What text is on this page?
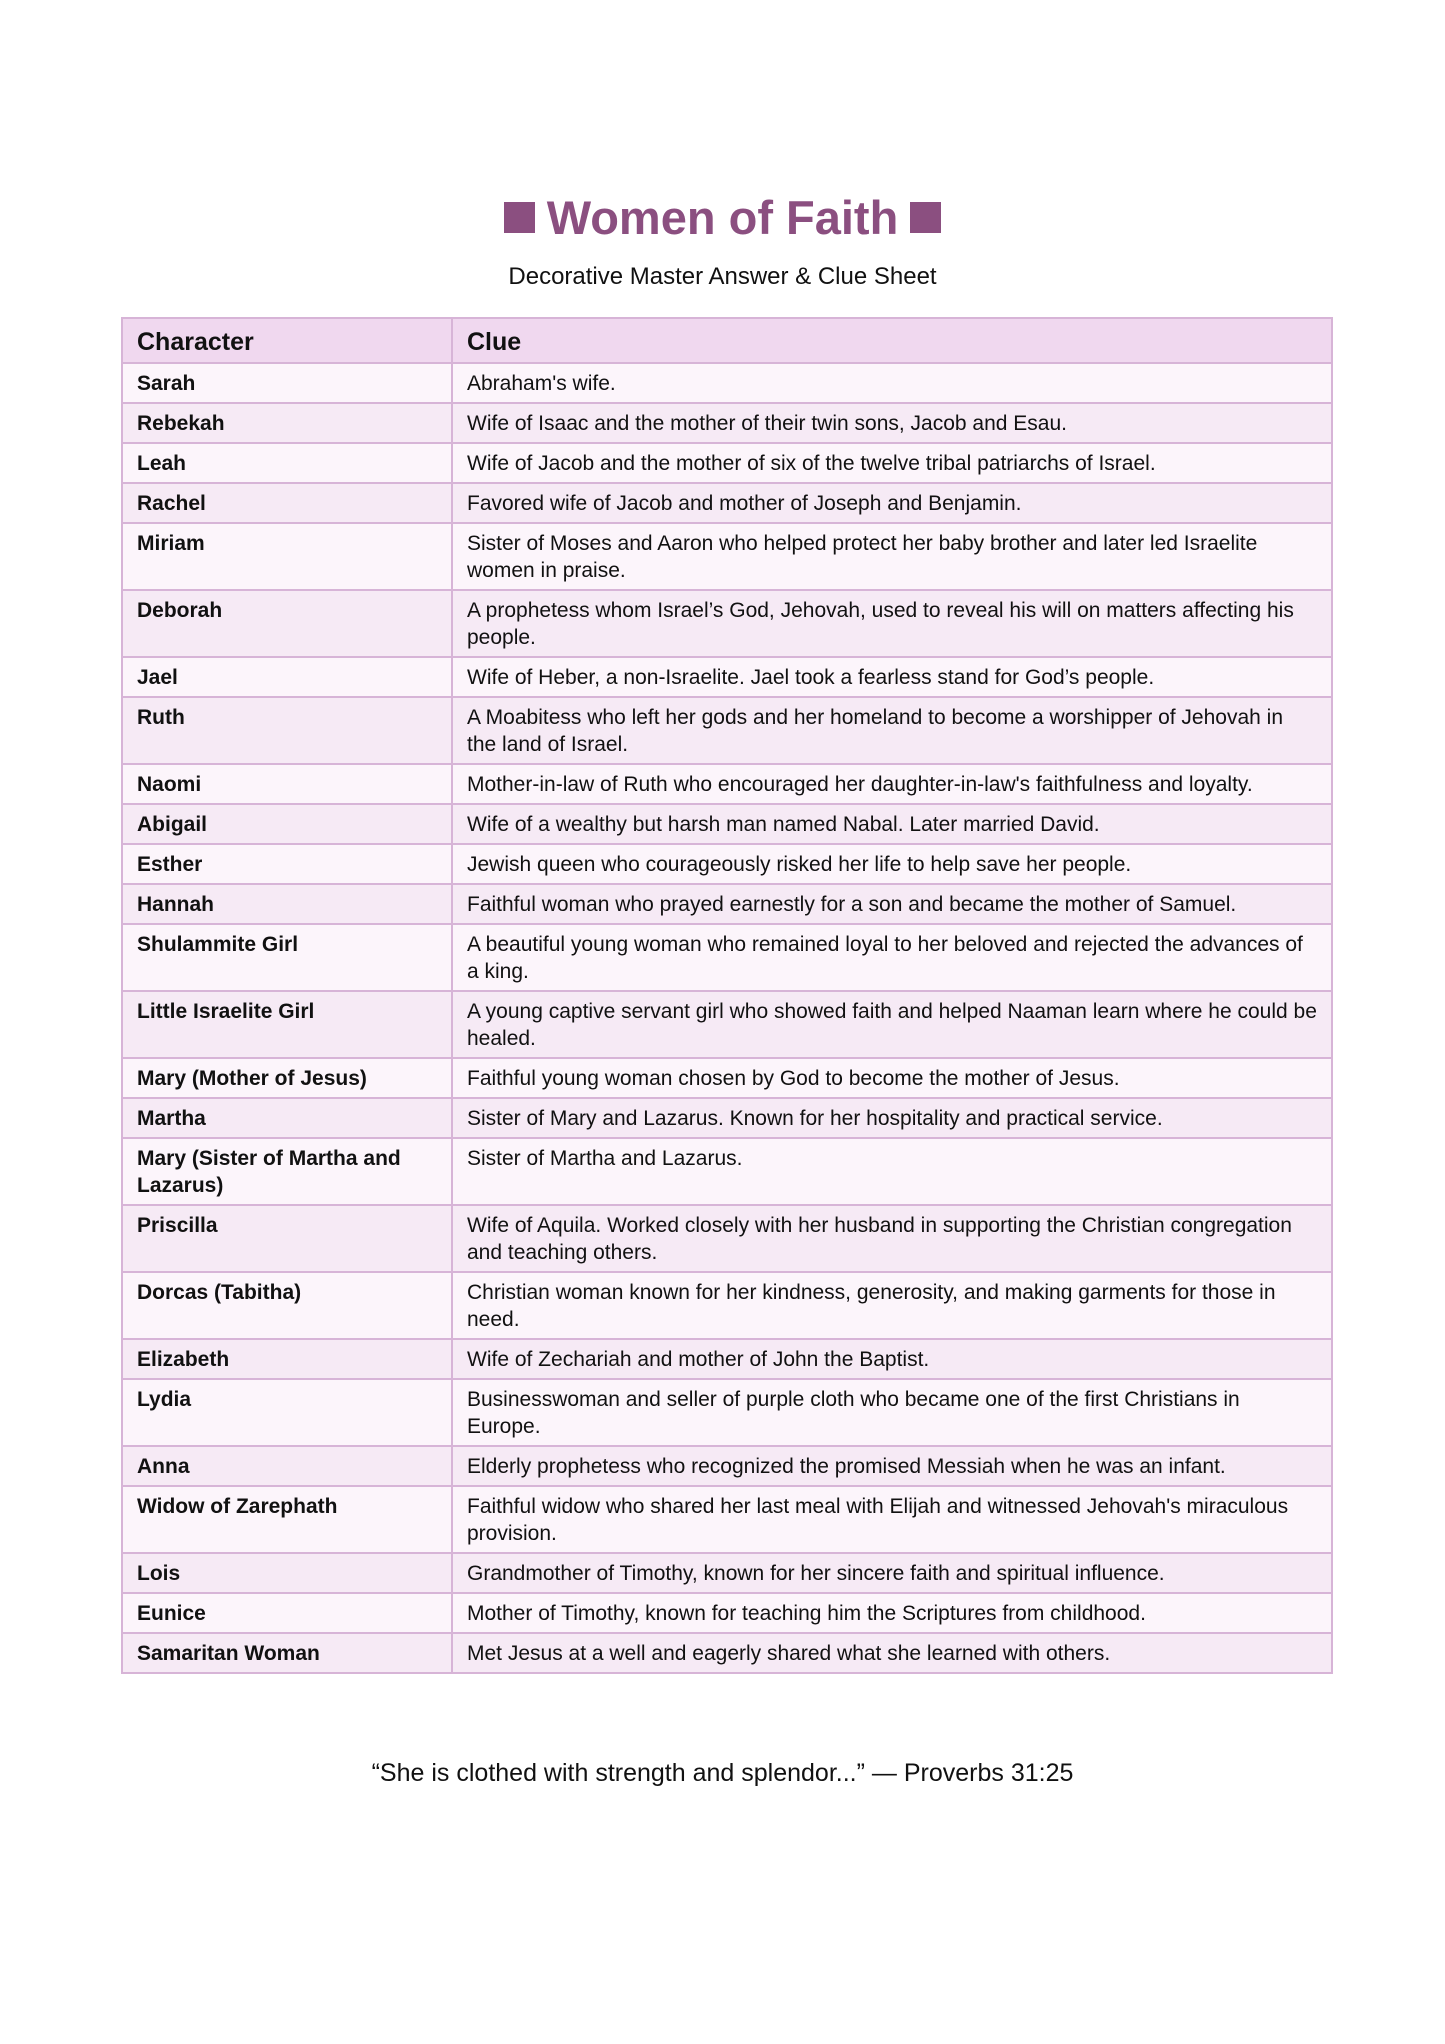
Women of Faith
Decorative Master Answer & Clue Sheet
Character	Clue
Sarah	Abraham's wife.
Rebekah	Wife of Isaac and the mother of their twin sons, Jacob and Esau.
Leah	Wife of Jacob and the mother of six of the twelve tribal patriarchs of Israel.
Rachel	Favored wife of Jacob and mother of Joseph and Benjamin.
Miriam	Sister of Moses and Aaron who helped protect her baby brother and later led Israelite women in praise.
Deborah	A prophetess whom Israel’s God, Jehovah, used to reveal his will on matters affecting his people.
Jael	Wife of Heber, a non-Israelite. Jael took a fearless stand for God’s people.
Ruth	A Moabitess who left her gods and her homeland to become a worshipper of Jehovah in the land of Israel.
Naomi	Mother-in-law of Ruth who encouraged her daughter-in-law's faithfulness and loyalty.
Abigail	Wife of a wealthy but harsh man named Nabal. Later married David.
Esther	Jewish queen who courageously risked her life to help save her people.
Hannah	Faithful woman who prayed earnestly for a son and became the mother of Samuel.
Shulammite Girl	A beautiful young woman who remained loyal to her beloved and rejected the advances of a king.
Little Israelite Girl	A young captive servant girl who showed faith and helped Naaman learn where he could be healed.
Mary (Mother of Jesus)	Faithful young woman chosen by God to become the mother of Jesus.
Martha	Sister of Mary and Lazarus. Known for her hospitality and practical service.
Mary (Sister of Martha and Lazarus)	Sister of Martha and Lazarus.
Priscilla	Wife of Aquila. Worked closely with her husband in supporting the Christian congregation and teaching others.
Dorcas (Tabitha)	Christian woman known for her kindness, generosity, and making garments for those in need.
Elizabeth	Wife of Zechariah and mother of John the Baptist.
Lydia	Businesswoman and seller of purple cloth who became one of the first Christians in Europe.
Anna	Elderly prophetess who recognized the promised Messiah when he was an infant.
Widow of Zarephath	Faithful widow who shared her last meal with Elijah and witnessed Jehovah's miraculous provision.
Lois	Grandmother of Timothy, known for her sincere faith and spiritual influence.
Eunice	Mother of Timothy, known for teaching him the Scriptures from childhood.
Samaritan Woman	Met Jesus at a well and eagerly shared what she learned with others.
“She is clothed with strength and splendor...” — Proverbs 31:25
